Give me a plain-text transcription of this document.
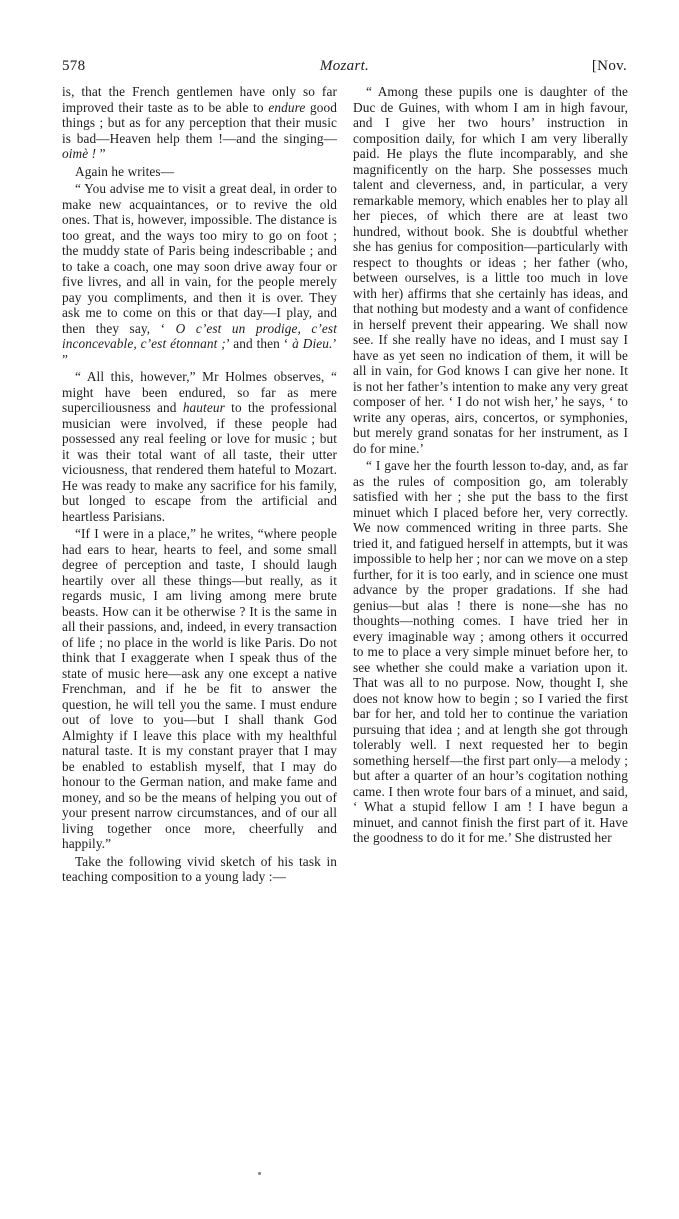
578	Mozart.	[Nov.

is, that the French gentlemen have only so far improved their taste as to be able to endure good things ; but as for any perception that their music is bad—Heaven help them !—and the singing—oimè ! ”

Again he writes—

“ You advise me to visit a great deal, in order to make new acquaintances, or to revive the old ones. That is, however, impossible. The distance is too great, and the ways too miry to go on foot ; the muddy state of Paris being indescribable ; and to take a coach, one may soon drive away four or five livres, and all in vain, for the people merely pay you compliments, and then it is over. They ask me to come on this or that day—I play, and then they say, ‘ O c’est un prodige, c’est inconcevable, c’est étonnant ;’ and then ‘ à Dieu.’ ”

“ All this, however,” Mr Holmes observes, “ might have been endured, so far as mere superciliousness and hauteur to the professional musician were involved, if these people had possessed any real feeling or love for music ; but it was their total want of all taste, their utter viciousness, that rendered them hateful to Mozart. He was ready to make any sacrifice for his family, but longed to escape from the artificial and heartless Parisians.

“If I were in a place,” he writes, “where people had ears to hear, hearts to feel, and some small degree of perception and taste, I should laugh heartily over all these things—but really, as it regards music, I am living among mere brute beasts. How can it be otherwise ? It is the same in all their passions, and, indeed, in every transaction of life ; no place in the world is like Paris. Do not think that I exaggerate when I speak thus of the state of music here—ask any one except a native Frenchman, and if he be fit to answer the question, he will tell you the same. I must endure out of love to you—but I shall thank God Almighty if I leave this place with my healthful natural taste. It is my constant prayer that I may be enabled to establish myself, that I may do honour to the German nation, and make fame and money, and so be the means of helping you out of your present narrow circumstances, and of our all living together once more, cheerfully and happily.”

Take the following vivid sketch of his task in teaching composition to a young lady :—

“ Among these pupils one is daughter of the Duc de Guines, with whom I am in high favour, and I give her two hours’ instruction in composition daily, for which I am very liberally paid. He plays the flute incomparably, and she magnificently on the harp. She possesses much talent and cleverness, and, in particular, a very remarkable memory, which enables her to play all her pieces, of which there are at least two hundred, without book. She is doubtful whether she has genius for composition—particularly with respect to thoughts or ideas ; her father (who, between ourselves, is a little too much in love with her) affirms that she certainly has ideas, and that nothing but modesty and a want of confidence in herself prevent their appearing. We shall now see. If she really have no ideas, and I must say I have as yet seen no indication of them, it will be all in vain, for God knows I can give her none. It is not her father’s intention to make any very great composer of her. ‘ I do not wish her,’ he says, ‘ to write any operas, airs, concertos, or symphonies, but merely grand sonatas for her instrument, as I do for mine.’

“ I gave her the fourth lesson to-day, and, as far as the rules of composition go, am tolerably satisfied with her ; she put the bass to the first minuet which I placed before her, very correctly. We now commenced writing in three parts. She tried it, and fatigued herself in attempts, but it was impossible to help her ; nor can we move on a step further, for it is too early, and in science one must advance by the proper gradations. If she had genius—but alas ! there is none—she has no thoughts—nothing comes. I have tried her in every imaginable way ; among others it occurred to me to place a very simple minuet before her, to see whether she could make a variation upon it. That was all to no purpose. Now, thought I, she does not know how to begin ; so I varied the first bar for her, and told her to continue the variation pursuing that idea ; and at length she got through tolerably well. I next requested her to begin something herself—the first part only—a melody ; but after a quarter of an hour’s cogitation nothing came. I then wrote four bars of a minuet, and said, ‘ What a stupid fellow I am ! I have begun a minuet, and cannot finish the first part of it. Have the goodness to do it for me.’ She distrusted her
